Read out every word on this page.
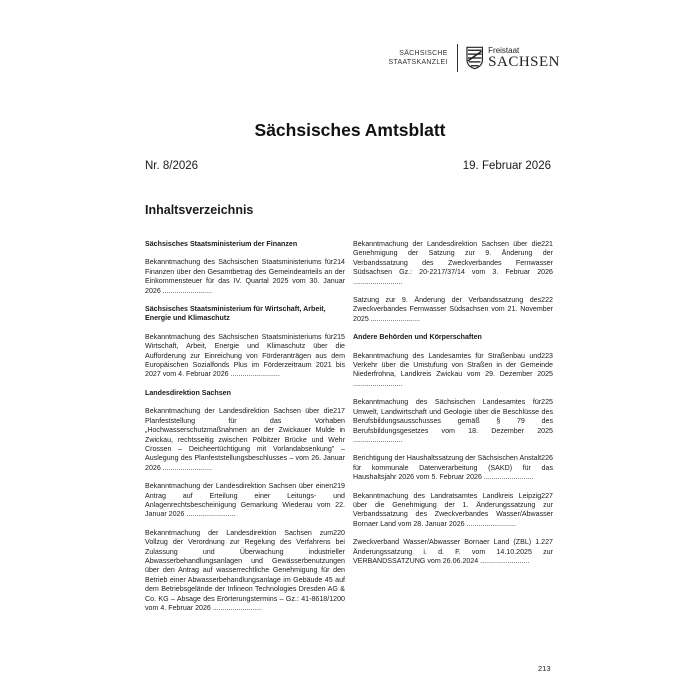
SÄCHSISCHE
STAATSKANZLEI
Freistaat
SACHSEN
Sächsisches Amtsblatt
Nr. 8/2026	19. Februar 2026
Inhaltsverzeichnis
Sächsisches Staatsministerium der Finanzen
214
Bekanntmachung des Sächsischen Staatsministeriums für Finanzen über den Gesamtbetrag des Gemeindeanteils an der Einkommensteuer für das IV. Quartal 2025 vom 30. Januar 2026 .........................
Sächsisches Staatsministerium für Wirtschaft, Arbeit, Energie und Klimaschutz
215
Bekanntmachung des Sächsischen Staatsministeriums für Wirtschaft, Arbeit, Energie und Klimaschutz über die Aufforderung zur Einreichung von Förderanträgen aus dem Europäischen Sozialfonds Plus im Förderzeitraum 2021 bis 2027 vom 4. Februar 2026 .........................
Landesdirektion Sachsen
217
Bekanntmachung der Landesdirektion Sachsen über die Planfeststellung für das Vorhaben „Hochwasserschutzmaßnahmen an der Zwickauer Mulde in Zwickau, rechtsseitig zwischen Pölbitzer Brücke und Wehr Crossen – Deicheertüchtigung mit Vorlandabsenkung" – Auslegung des Planfeststellungsbeschlusses – vom 26. Januar 2026 .........................
219
Bekanntmachung der Landesdirektion Sachsen über einen Antrag auf Erteilung einer Leitungs- und Anlagenrechtsbescheinigung Gemarkung Wiederau vom 22. Januar 2026 .........................
220
Bekanntmachung der Landesdirektion Sachsen zum Vollzug der Verordnung zur Regelung des Verfahrens bei Zulassung und Überwachung industrieller Abwasserbehandlungsanlagen und Gewässerbenutzungen über den Antrag auf wasserrechtliche Genehmigung für den Betrieb einer Abwasserbehandlungsanlage im Gebäude 45 auf dem Betriebsgelände der Infineon Technologies Dresden AG & Co. KG – Absage des Erörterungstermins – Gz.: 41-8618/1200 vom 4. Februar 2026 .........................
221
Bekanntmachung der Landesdirektion Sachsen über die Genehmigung der Satzung zur 9. Änderung der Verbandssatzung des Zweckverbandes Fernwasser Südsachsen Gz.: 20-2217/37/14 vom 3. Februar 2026 .........................
222
Satzung zur 9. Änderung der Verbandssatzung des Zweckverbandes Fernwasser Südsachsen vom 21. November 2025 .........................
Andere Behörden und Körperschaften
223
Bekanntmachung des Landesamtes für Straßenbau und Verkehr über die Umstufung von Straßen in der Gemeinde Niederfrohna, Landkreis Zwickau vom 29. Dezember 2025 .........................
225
Bekanntmachung des Sächsischen Landesamtes für Umwelt, Landwirtschaft und Geologie über die Beschlüsse des Berufsbildungsausschusses gemäß § 79 des Berufsbildungsgesetzes vom 18. Dezember 2025 .........................
226
Berichtigung der Haushaltssatzung der Sächsischen Anstalt für kommunale Datenverarbeitung (SAKD) für das Haushaltsjahr 2026 vom 5. Februar 2026 .........................
227
Bekanntmachung des Landratsamtes Landkreis Leipzig über die Genehmigung der 1. Änderungssatzung zur Verbandssatzung des Zweckverbandes Wasser/Abwasser Bornaer Land vom 28. Januar 2026 .........................
227
Zweckverband Wasser/Abwasser Bornaer Land (ZBL) 1. Änderungssatzung i. d. F. vom 14.10.2025 zur VERBANDSSATZUNG vom 26.06.2024 .........................
213
